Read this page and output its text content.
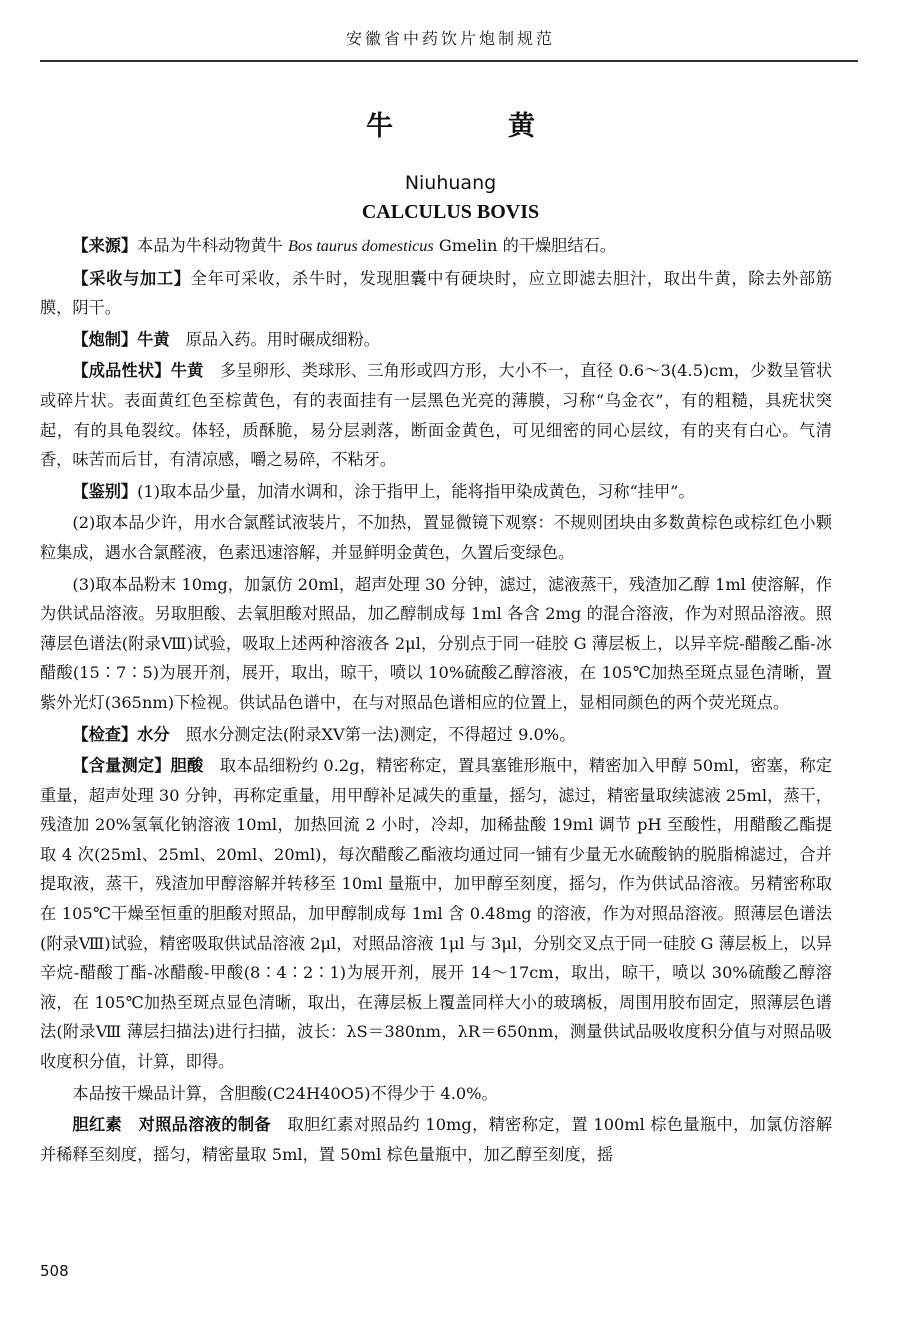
安徽省中药饮片炮制规范
牛　黄
Niuhuang
CALCULUS BOVIS

【来源】本品为牛科动物黄牛 Bos taurus domesticus Gmelin 的干燥胆结石。

【采收与加工】全年可采收，杀牛时，发现胆囊中有硬块时，应立即滤去胆汁，取出牛黄，除去外部筋膜，阴干。

【炮制】牛黄　原品入药。用时碾成细粉。

【成品性状】牛黄　多呈卵形、类球形、三角形或四方形，大小不一，直径 0.6～3(4.5)cm，少数呈管状或碎片状。表面黄红色至棕黄色，有的表面挂有一层黑色光亮的薄膜，习称“乌金衣”，有的粗糙，具疣状突起，有的具龟裂纹。体轻，质酥脆，易分层剥落，断面金黄色，可见细密的同心层纹，有的夹有白心。气清香，味苦而后甘，有清凉感，嚼之易碎，不粘牙。

【鉴别】(1)取本品少量，加清水调和，涂于指甲上，能将指甲染成黄色，习称“挂甲”。

(2)取本品少许，用水合氯醛试液装片，不加热，置显微镜下观察：不规则团块由多数黄棕色或棕红色小颗粒集成，遇水合氯醛液，色素迅速溶解，并显鲜明金黄色，久置后变绿色。

(3)取本品粉末 10mg，加氯仿 20ml，超声处理 30 分钟，滤过，滤液蒸干，残渣加乙醇 1ml 使溶解，作为供试品溶液。另取胆酸、去氧胆酸对照品，加乙醇制成每 1ml 各含 2mg 的混合溶液，作为对照品溶液。照薄层色谱法(附录Ⅷ)试验，吸取上述两种溶液各 2μl，分别点于同一硅胶 G 薄层板上，以异辛烷-醋酸乙酯-冰醋酸(15∶7∶5)为展开剂，展开，取出，晾干，喷以 10%硫酸乙醇溶液，在 105℃加热至斑点显色清晰，置紫外光灯(365nm)下检视。供试品色谱中，在与对照品色谱相应的位置上，显相同颜色的两个荧光斑点。

【检查】水分　照水分测定法(附录ⅩⅤ第一法)测定，不得超过 9.0%。

【含量测定】胆酸　取本品细粉约 0.2g，精密称定，置具塞锥形瓶中，精密加入甲醇 50ml，密塞，称定重量，超声处理 30 分钟，再称定重量，用甲醇补足减失的重量，摇匀，滤过，精密量取续滤液 25ml，蒸干，残渣加 20%氢氧化钠溶液 10ml，加热回流 2 小时，冷却，加稀盐酸 19ml 调节 pH 至酸性，用醋酸乙酯提取 4 次(25ml、25ml、20ml、20ml)，每次醋酸乙酯液均通过同一铺有少量无水硫酸钠的脱脂棉滤过，合并提取液，蒸干，残渣加甲醇溶解并转移至 10ml 量瓶中，加甲醇至刻度，摇匀，作为供试品溶液。另精密称取在 105℃干燥至恒重的胆酸对照品，加甲醇制成每 1ml 含 0.48mg 的溶液，作为对照品溶液。照薄层色谱法(附录Ⅷ)试验，精密吸取供试品溶液 2μl，对照品溶液 1μl 与 3μl，分别交叉点于同一硅胶 G 薄层板上，以异辛烷-醋酸丁酯-冰醋酸-甲酸(8∶4∶2∶1)为展开剂，展开 14～17cm，取出，晾干，喷以 30%硫酸乙醇溶液，在 105℃加热至斑点显色清晰，取出，在薄层板上覆盖同样大小的玻璃板，周围用胶布固定，照薄层色谱法(附录Ⅷ 薄层扫描法)进行扫描，波长：λS＝380nm，λR＝650nm，测量供试品吸收度积分值与对照品吸收度积分值，计算，即得。

本品按干燥品计算，含胆酸(C24H40O5)不得少于 4.0%。

胆红素　对照品溶液的制备　取胆红素对照品约 10mg，精密称定，置 100ml 棕色量瓶中，加氯仿溶解并稀释至刻度，摇匀，精密量取 5ml，置 50ml 棕色量瓶中，加乙醇至刻度，摇

508
